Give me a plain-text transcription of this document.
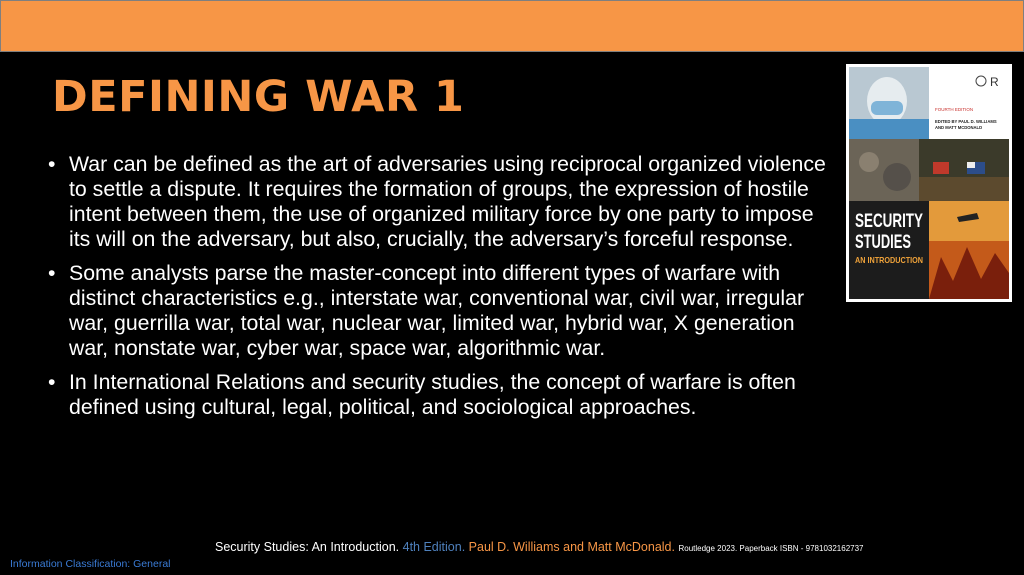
DEFINING WAR 1
• War can be defined as the art of adversaries using reciprocal organized violence to settle a dispute. It requires the formation of groups, the expression of hostile intent between them, the use of organized military force by one party to impose its will on the adversary, but also, crucially, the adversary’s forceful response.
• Some analysts parse the master-concept into different types of warfare with distinct characteristics e.g., interstate war, conventional war, civil war, irregular war, guerrilla war, total war, nuclear war, limited war, hybrid war, X generation war, nonstate war, cyber war, space war, algorithmic war.
• In International Relations and security studies, the concept of warfare is often defined using cultural, legal, political, and sociological approaches.
R
FOURTH EDITION
EDITED BY PAUL D. WILLIAMS
AND MATT MCDONALD
SECURITY
STUDIES
AN INTRODUCTION
Security Studies: An Introduction. 4th Edition. Paul D. Williams and Matt McDonald. Routledge 2023. Paperback ISBN - 9781032162737
Information Classification: General
